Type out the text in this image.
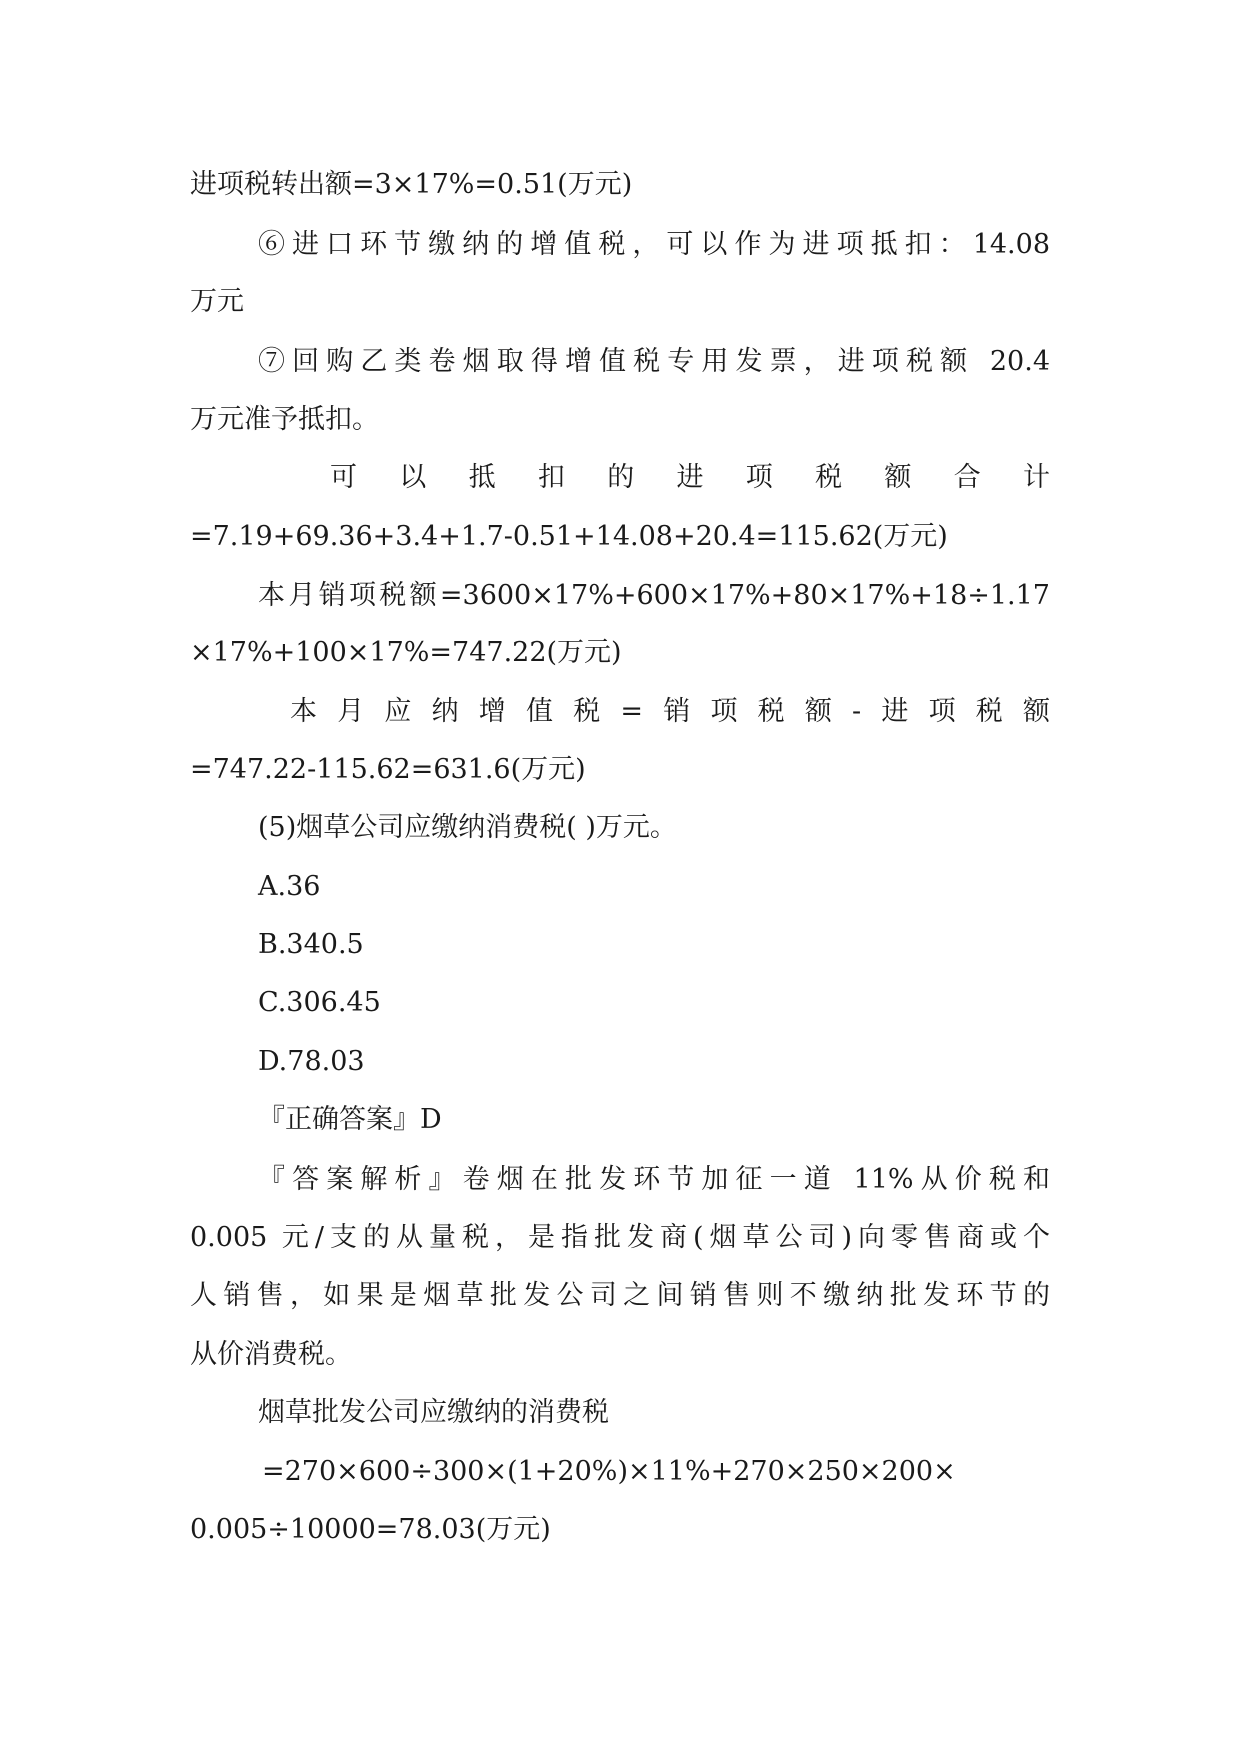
进项税转出额=3×17%=0.51(万元)
⑥进口环节缴纳的增值税，可以作为进项抵扣：14.08
万元
⑦回购乙类卷烟取得增值税专用发票，进项税额 20.4
万元准予抵扣。
可以抵扣的进项税额合计
=7.19+69.36+3.4+1.7-0.51+14.08+20.4=115.62(万元)
本月销项税额=3600×17%+600×17%+80×17%+18÷1.17
×17%+100×17%=747.22(万元)
本月应纳增值税=销项税额-进项税额
=747.22-115.62=631.6(万元)
(5)烟草公司应缴纳消费税( )万元。
A.36
B.340.5
C.306.45
D.78.03
『正确答案』D
『答案解析』卷烟在批发环节加征一道 11%从价税和
0.005 元/支的从量税，是指批发商(烟草公司)向零售商或个
人销售，如果是烟草批发公司之间销售则不缴纳批发环节的
从价消费税。
烟草批发公司应缴纳的消费税
=270×600÷300×(1+20%)×11%+270×250×200×
0.005÷10000=78.03(万元)
